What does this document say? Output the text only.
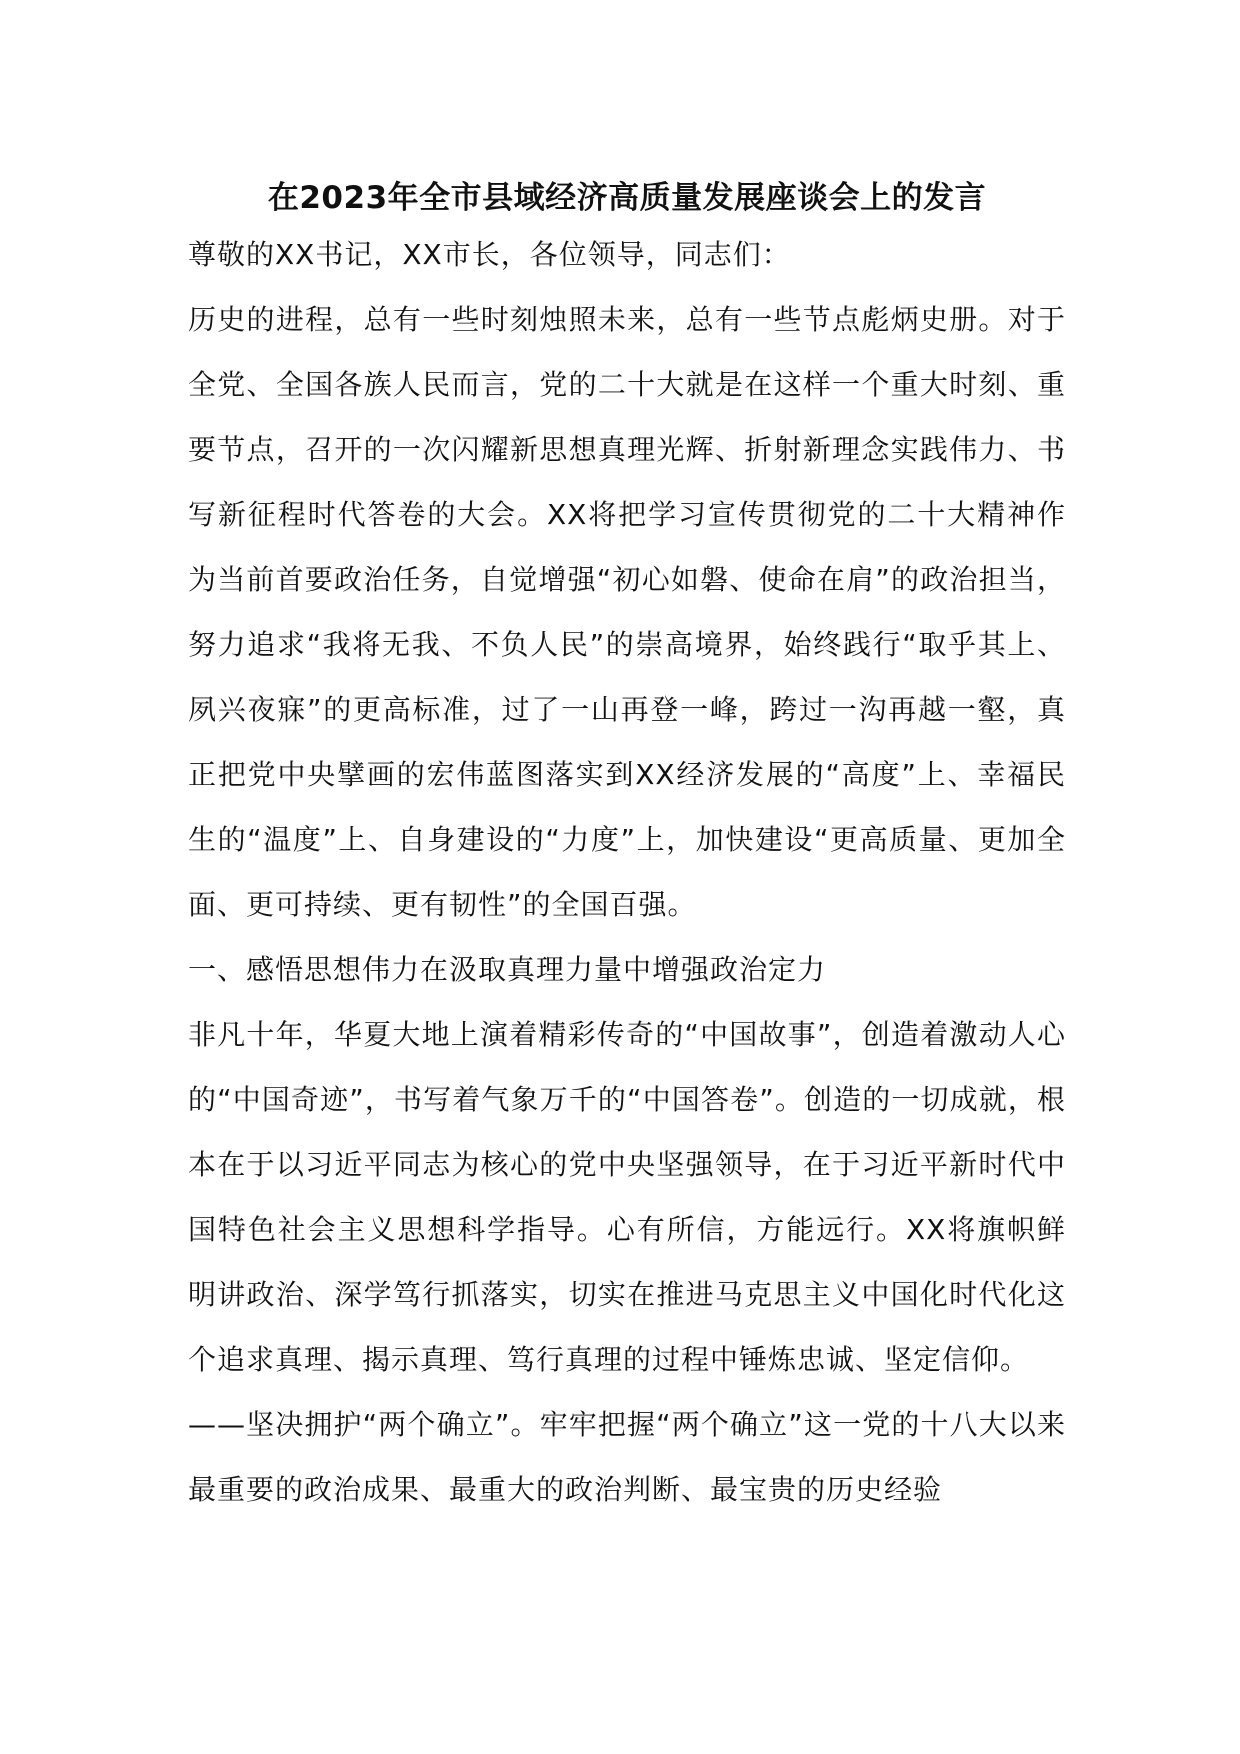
在2023年全市县域经济高质量发展座谈会上的发言

尊敬的XX书记，XX市长，各位领导，同志们：

历史的进程，总有一些时刻烛照未来，总有一些节点彪炳史册。对于全党、全国各族人民而言，党的二十大就是在这样一个重大时刻、重要节点，召开的一次闪耀新思想真理光辉、折射新理念实践伟力、书写新征程时代答卷的大会。XX将把学习宣传贯彻党的二十大精神作为当前首要政治任务，自觉增强“初心如磐、使命在肩”的政治担当，努力追求“我将无我、不负人民”的崇高境界，始终践行“取乎其上、夙兴夜寐”的更高标准，过了一山再登一峰，跨过一沟再越一壑，真正把党中央擘画的宏伟蓝图落实到XX经济发展的“高度”上、幸福民生的“温度”上、自身建设的“力度”上，加快建设“更高质量、更加全面、更可持续、更有韧性”的全国百强。

一、感悟思想伟力在汲取真理力量中增强政治定力

非凡十年，华夏大地上演着精彩传奇的“中国故事”，创造着激动人心的“中国奇迹”，书写着气象万千的“中国答卷”。创造的一切成就，根本在于以习近平同志为核心的党中央坚强领导，在于习近平新时代中国特色社会主义思想科学指导。心有所信，方能远行。XX将旗帜鲜明讲政治、深学笃行抓落实，切实在推进马克思主义中国化时代化这个追求真理、揭示真理、笃行真理的过程中锤炼忠诚、坚定信仰。

——坚决拥护“两个确立”。牢牢把握“两个确立”这一党的十八大以来最重要的政治成果、最重大的政治判断、最宝贵的历史经验
